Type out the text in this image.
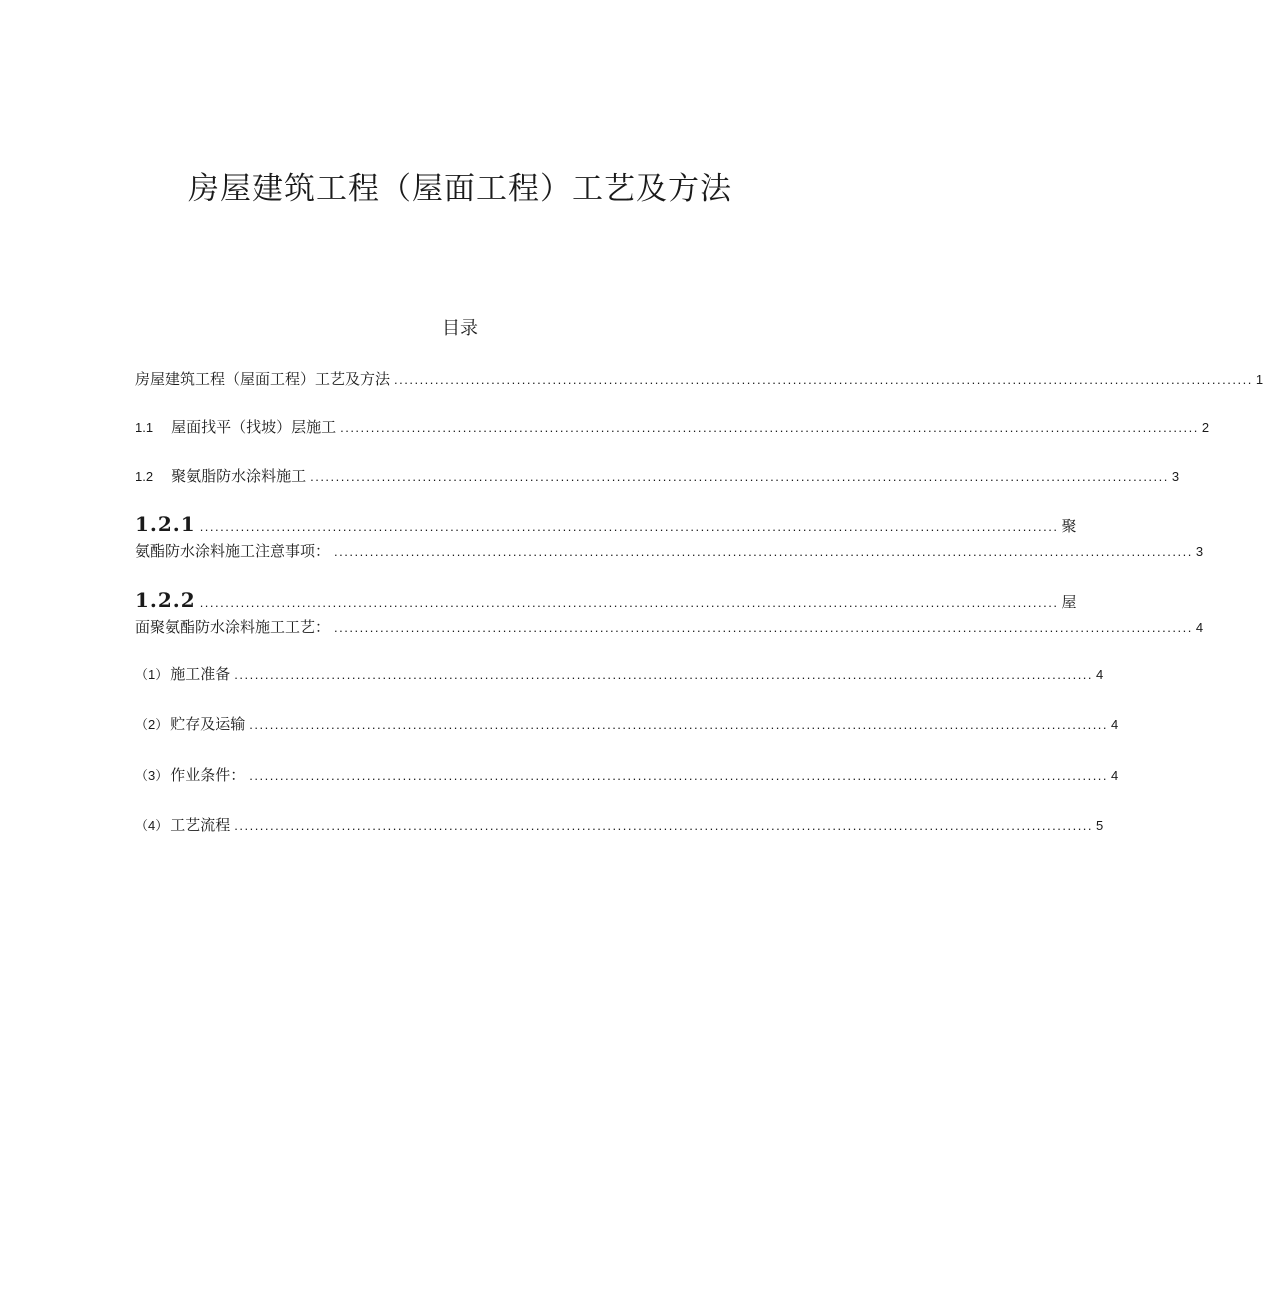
房屋建筑工程（屋面工程）工艺及方法
目录
房屋建筑工程（屋面工程）工艺及方法 ........................................................................................................................................................................ 1
1.1 屋面找平（找坡）层施工 ........................................................................................................................................................................ 2
1.2 聚氨脂防水涂料施工 ........................................................................................................................................................................ 3
1.2.1 ........................................................................................................................................................................ 聚
氨酯防水涂料施工注意事项： ........................................................................................................................................................................ 3
1.2.2 ........................................................................................................................................................................ 屋
面聚氨酯防水涂料施工工艺： ........................................................................................................................................................................ 4
（1） 施工准备 ........................................................................................................................................................................ 4
（2） 贮存及运输 ........................................................................................................................................................................ 4
（3） 作业条件： ........................................................................................................................................................................ 4
（4） 工艺流程 ........................................................................................................................................................................ 5
